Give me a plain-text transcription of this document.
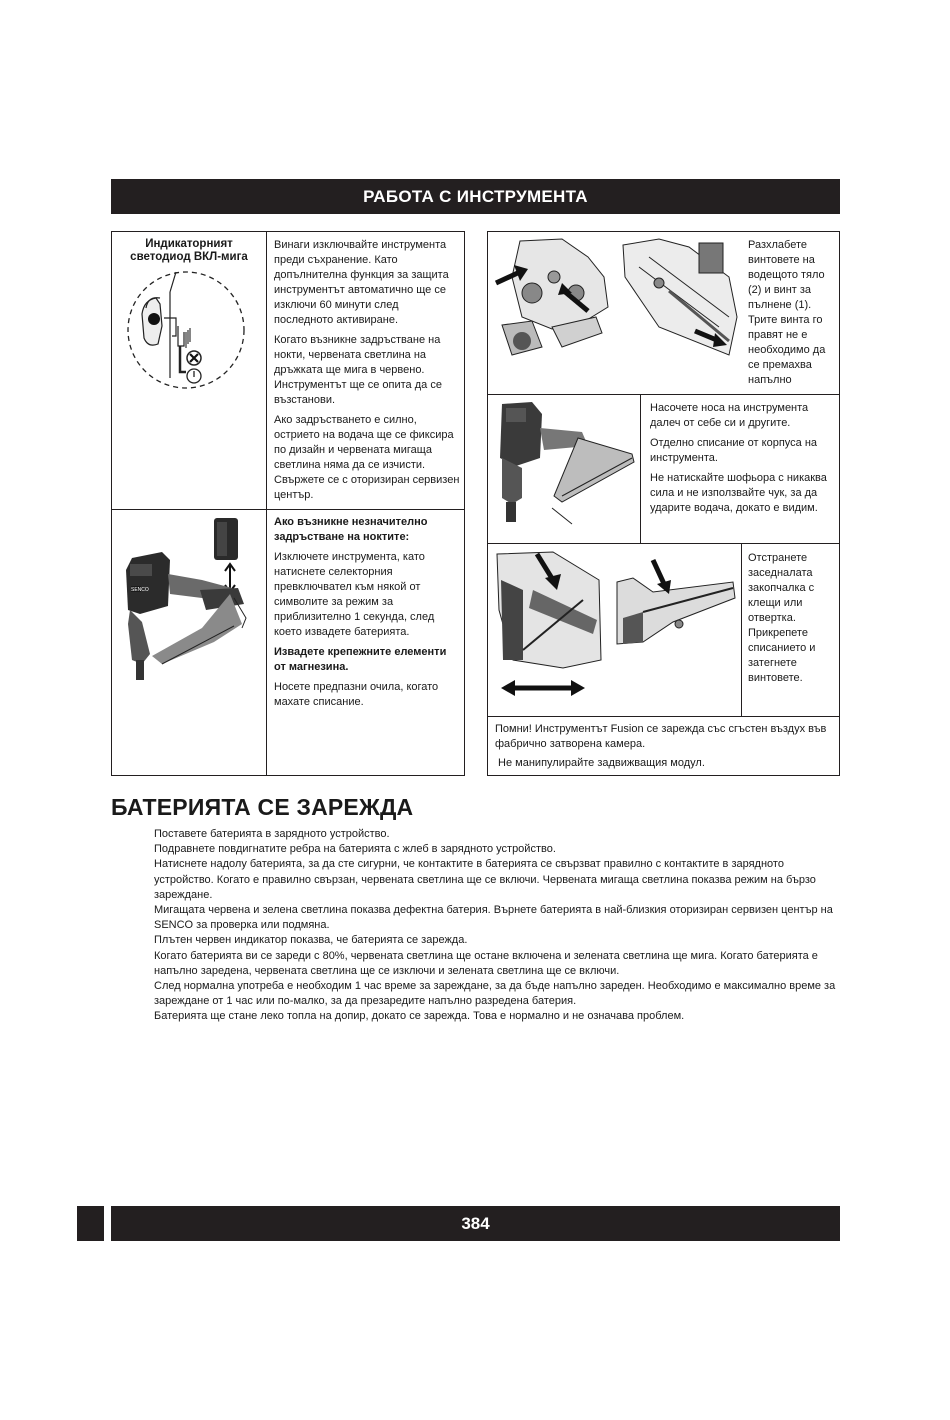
РАБОТА С ИНСТРУМЕНТА
Индикаторният светодиод ВКЛ-мига

Винаги изключвайте инструмента преди съхранение. Като допълнителна функция за защита инструментът автоматично ще се изключи 60 минути след последното активиране.

Когато възникне задръстване на нокти, червената светлина на дръжката ще мига в червено. Инструментът ще се опита да се възстанови.

Ако задръстването е силно, острието на водача ще се фиксира по дизайн и червената мигаща светлина няма да се изчисти. Свържете се с оторизиран сервизен център.

SENCO

Ако възникне незначително задръстване на ноктите:

Изключете инструмента, като натиснете селекторния превключвател към някой от символите за режим за приблизително 1 секунда, след което извадете батерията.

Извадете крепежните елементи от магнезина.

Носете предпазни очила, когато махате списание.

Разхлабете винтовете на водещото тяло (2) и винт за пълнене (1). Трите винта го правят не е необходимо да се премахва напълно

Насочете носа на инструмента далеч от себе си и другите.

Отделно списание от корпуса на инструмента.

Не натискайте шофьора с никаква сила и не използвайте чук, за да ударите водача, докато е видим.

Отстранете заседналата закопчалка с клещи или отвертка. Прикрепете списанието и затегнете винтовете.

Помни! Инструментът Fusion се зарежда със сгъстен въздух във фабрично затворена камера.

Не манипулирайте задвижващия модул.

БАТЕРИЯТА СЕ ЗАРЕЖДА

Поставете батерията в зарядното устройство.

Подравнете повдигнатите ребра на батерията с жлеб в зарядното устройство.

Натиснете надолу батерията, за да сте сигурни, че контактите в батерията се свързват правилно с контактите в зарядното устройство. Когато е правилно свързан, червената светлина ще се включи. Червената мигаща светлина показва режим на бързо зареждане.

Мигащата червена и зелена светлина показва дефектна батерия. Върнете батерията в най-близкия оторизиран сервизен център на SENCO за проверка или подмяна.

Плътен червен индикатор показва, че батерията се зарежда.

Когато батерията ви се зареди с 80%, червената светлина ще остане включена и зелената светлина ще мига. Когато батерията е напълно заредена, червената светлина ще се изключи и зелената светлина ще се включи.

След нормална употреба е необходим 1 час време за зареждане, за да бъде напълно зареден. Необходимо е максимално време за зареждане от 1 час или по-малко, за да презаредите напълно разредена батерия.

Батерията ще стане леко топла на допир, докато се зарежда. Това е нормално и не означава проблем.

384
